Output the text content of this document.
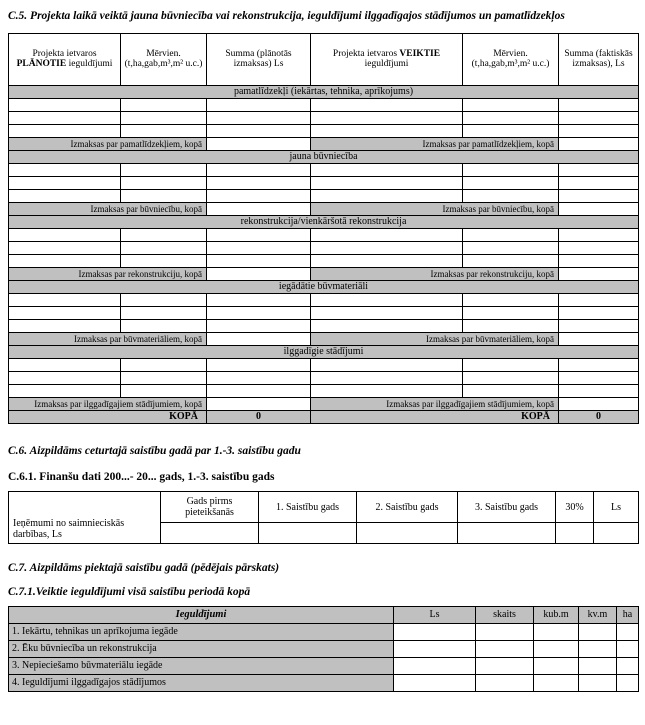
C.5. Projekta laikā veiktā jauna būvniecība vai rekonstrukcija, ieguldījumi ilggadīgajos stādījumos un pamatlīdzekļos
Projekta ietvaros PLĀNOTIE ieguldījumi	Mērvien. (t,ha,gab,m³,m² u.c.)	Summa (plānotās izmaksas) Ls	Projekta ietvaros VEIKTIE ieguldījumi	Mērvien. (t,ha,gab,m³,m² u.c.)	Summa (faktiskās izmaksas), Ls
pamatlīdzekļi (iekārtas, tehnika, aprīkojums)					

Izmaksas par pamatlīdzekļiem, kopā			Izmaksas par pamatlīdzekļiem, kopā		
jauna būvniecība					

Izmaksas par būvniecību, kopā			Izmaksas par būvniecību, kopā		
rekonstrukcija/vienkāršotā rekonstrukcija					

Izmaksas par rekonstrukciju, kopā			Izmaksas par rekonstrukciju, kopā		
iegādātie būvmateriāli					

Izmaksas par būvmateriāliem, kopā			Izmaksas par būvmateriāliem, kopā		
ilggadīgie stādījumi					

Izmaksas par ilggadīgajiem stādījumiem, kopā			Izmaksas par ilggadīgajiem stādījumiem, kopā		
KOPĀ		0	KOPĀ		0
C.6. Aizpildāms ceturtajā saistību gadā par 1.-3. saistību gadu
C.6.1. Finanšu dati 200...- 20... gads, 1.-3. saistību gads
Ieņēmumi no saimnieciskās darbības, Ls	Gads pirms pieteikšanās	1. Saistību gads	2. Saistību gads	3. Saistību gads	30%	Ls

C.7. Aizpildāms piektajā saistību gadā (pēdējais pārskats)
C.7.1.Veiktie ieguldījumi visā saistību periodā kopā
Ieguldījumi	Ls	skaits	kub.m	kv.m	ha
1. Iekārtu, tehnikas un aprīkojuma iegāde					
2. Ēku būvniecība un rekonstrukcija					
3. Nepieciešamo būvmateriālu iegāde					
4. Ieguldījumi ilggadīgajos stādījumos					
